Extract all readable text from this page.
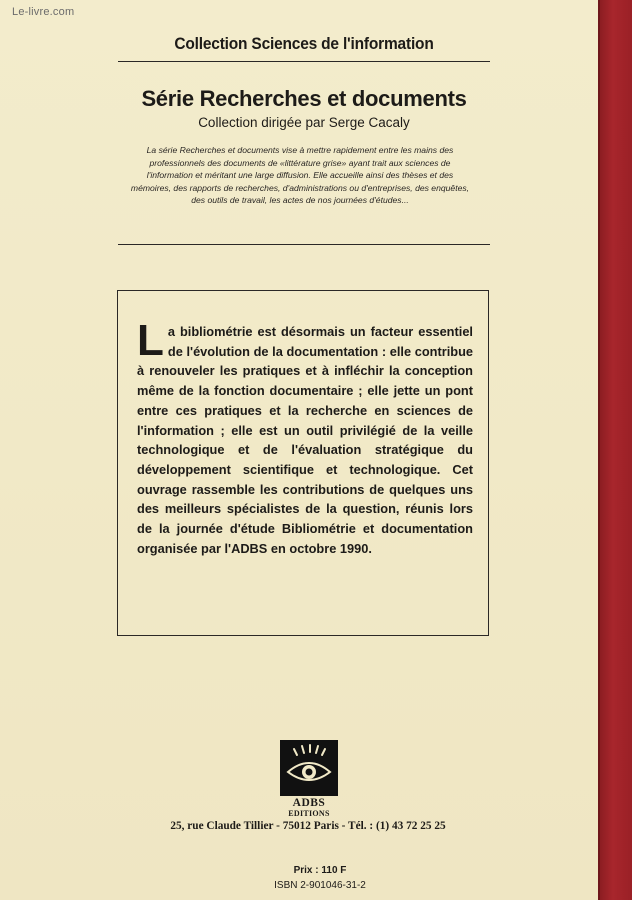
Le-livre.com
Collection Sciences de l'information
Série Recherches et documents
Collection dirigée par Serge Cacaly
La série Recherches et documents vise à mettre rapidement entre les mains des professionnels des documents de «littérature grise» ayant trait aux sciences de l'information et méritant une large diffusion. Elle accueille ainsi des thèses et des mémoires, des rapports de recherches, d'administrations ou d'entreprises, des enquêtes, des outils de travail, les actes de nos journées d'études...
La bibliométrie est désormais un facteur essentiel de l'évolution de la documentation : elle contribue à renouveler les pratiques et à infléchir la conception même de la fonction documentaire ; elle jette un pont entre ces pratiques et la recherche en sciences de l'information ; elle est un outil privilégié de la veille technologique et de l'évaluation stratégique du développement scientifique et technologique. Cet ouvrage rassemble les contributions de quelques uns des meilleurs spécialistes de la question, réunis lors de la journée d'étude Bibliométrie et documentation organisée par l'ADBS en octobre 1990.
ADBS
EDITIONS
25, rue Claude Tillier - 75012 Paris - Tél. : (1) 43 72 25 25
Prix : 110 F
ISBN 2-901046-31-2
